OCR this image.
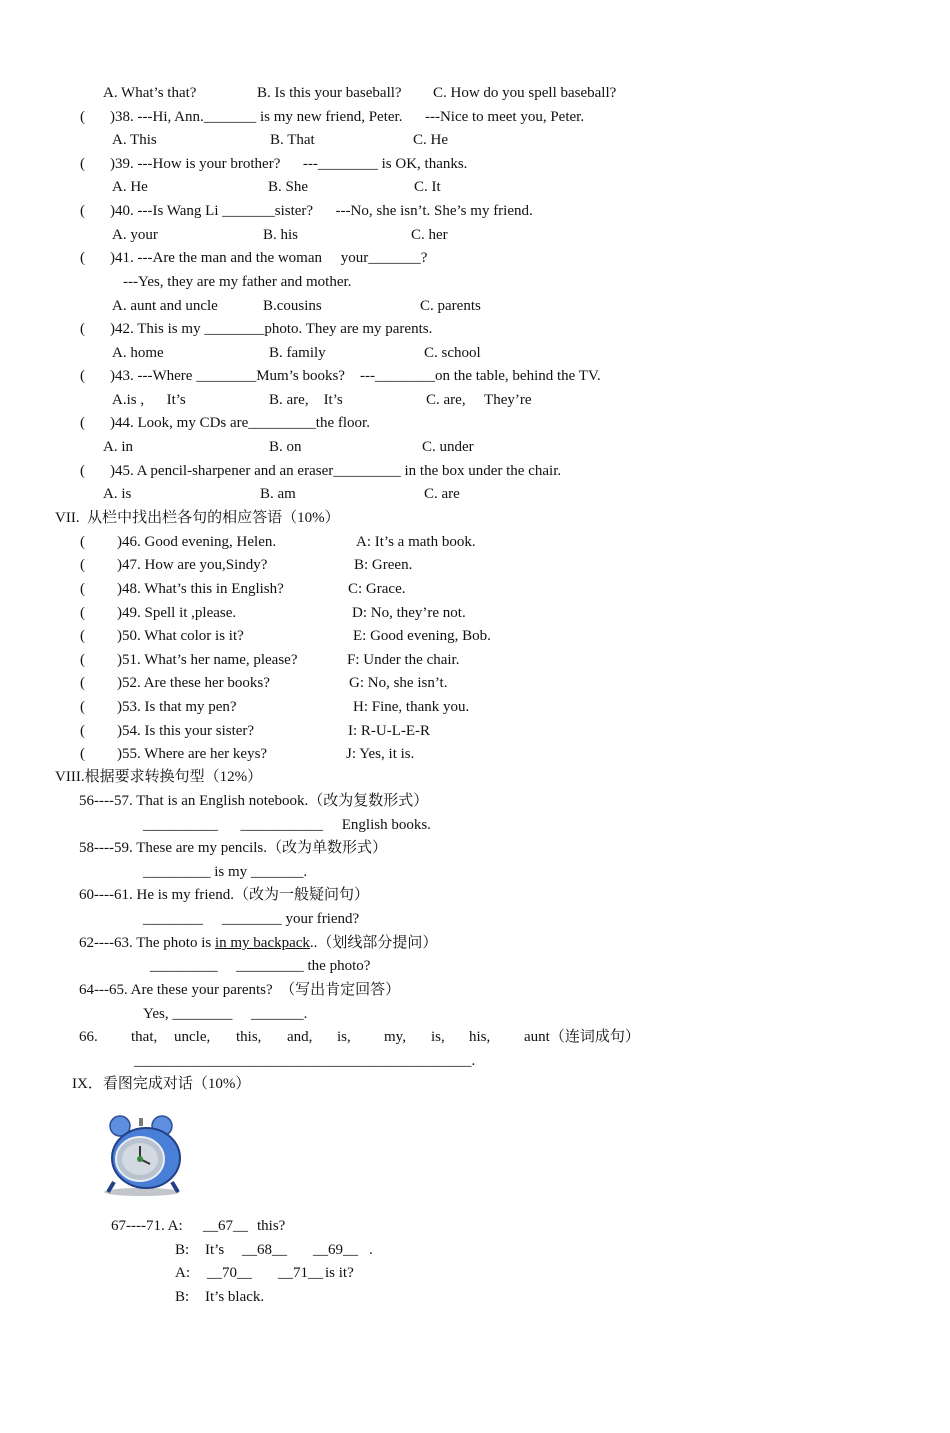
A. What’s that?	B. Is this your baseball? C. How do you spell baseball?
( )38. ---Hi, Ann._______ is my new friend, Peter.      ---Nice to meet you, Peter.
A. This	B. That	C. He
( )39. ---How is your brother?      ---________ is OK, thanks.
A. He	B. She	C. It
( )40. ---Is Wang Li _______sister?      ---No, she isn’t. She’s my friend.
A. your	B. his	C. her
( )41. ---Are the man and the woman     your_______?
---Yes, they are my father and mother.
A. aunt and uncle	B.cousins	C. parents
( )42. This is my ________photo. They are my parents.
A. home	B. family	C. school
( )43. ---Where ________Mum’s books?    ---________on the table, behind the TV.
A.is ,      It’s	B. are,    It’s	C. are,     They’re
( )44. Look, my CDs are_________the floor.
A. in	B. on	C. under
( )45. A pencil-sharpener and an eraser_________ in the box under the chair.
A. is	B. am	C. are
VII.  从栏中找出栏各句的相应答语（10%）
( )46. Good evening, Helen.	A: It’s a math book.
( )47. How are you,Sindy?	B: Green.
( )48. What’s this in English?	C: Grace.
( )49. Spell it ,please.	D: No, they’re not.
( )50. What color is it?	E: Good evening, Bob.
( )51. What’s her name, please?	F: Under the chair.
( )52. Are these her books?	G: No, she isn’t.
( )53. Is that my pen?	H: Fine, thank you.
( )54. Is this your sister?	I: R-U-L-E-R
( )55. Where are her keys?	J: Yes, it is.
VIII.根据要求转换句型（12%）
56----57. That is an English notebook.（改为复数形式）
__________      ___________     English books.
58----59. These are my pencils.（改为单数形式）
_________ is my _______.
60----61. He is my friend.（改为一般疑问句）
________     ________ your friend?
62----63. The photo is in my backpack..（划线部分提问）
_________     _________ the photo?
64---65. Are these your parents?  （写出肯定回答）
Yes, ________     _______.
66. that, uncle, this, and, is, my, is, his, aunt（连词成句）
_____________________________________________.
IX．看图完成对话（10%）
67----71. A: __67__ this?
B: It’s __68__ __69__ .
A: __70__ __71__ is it?
B: It’s black.
